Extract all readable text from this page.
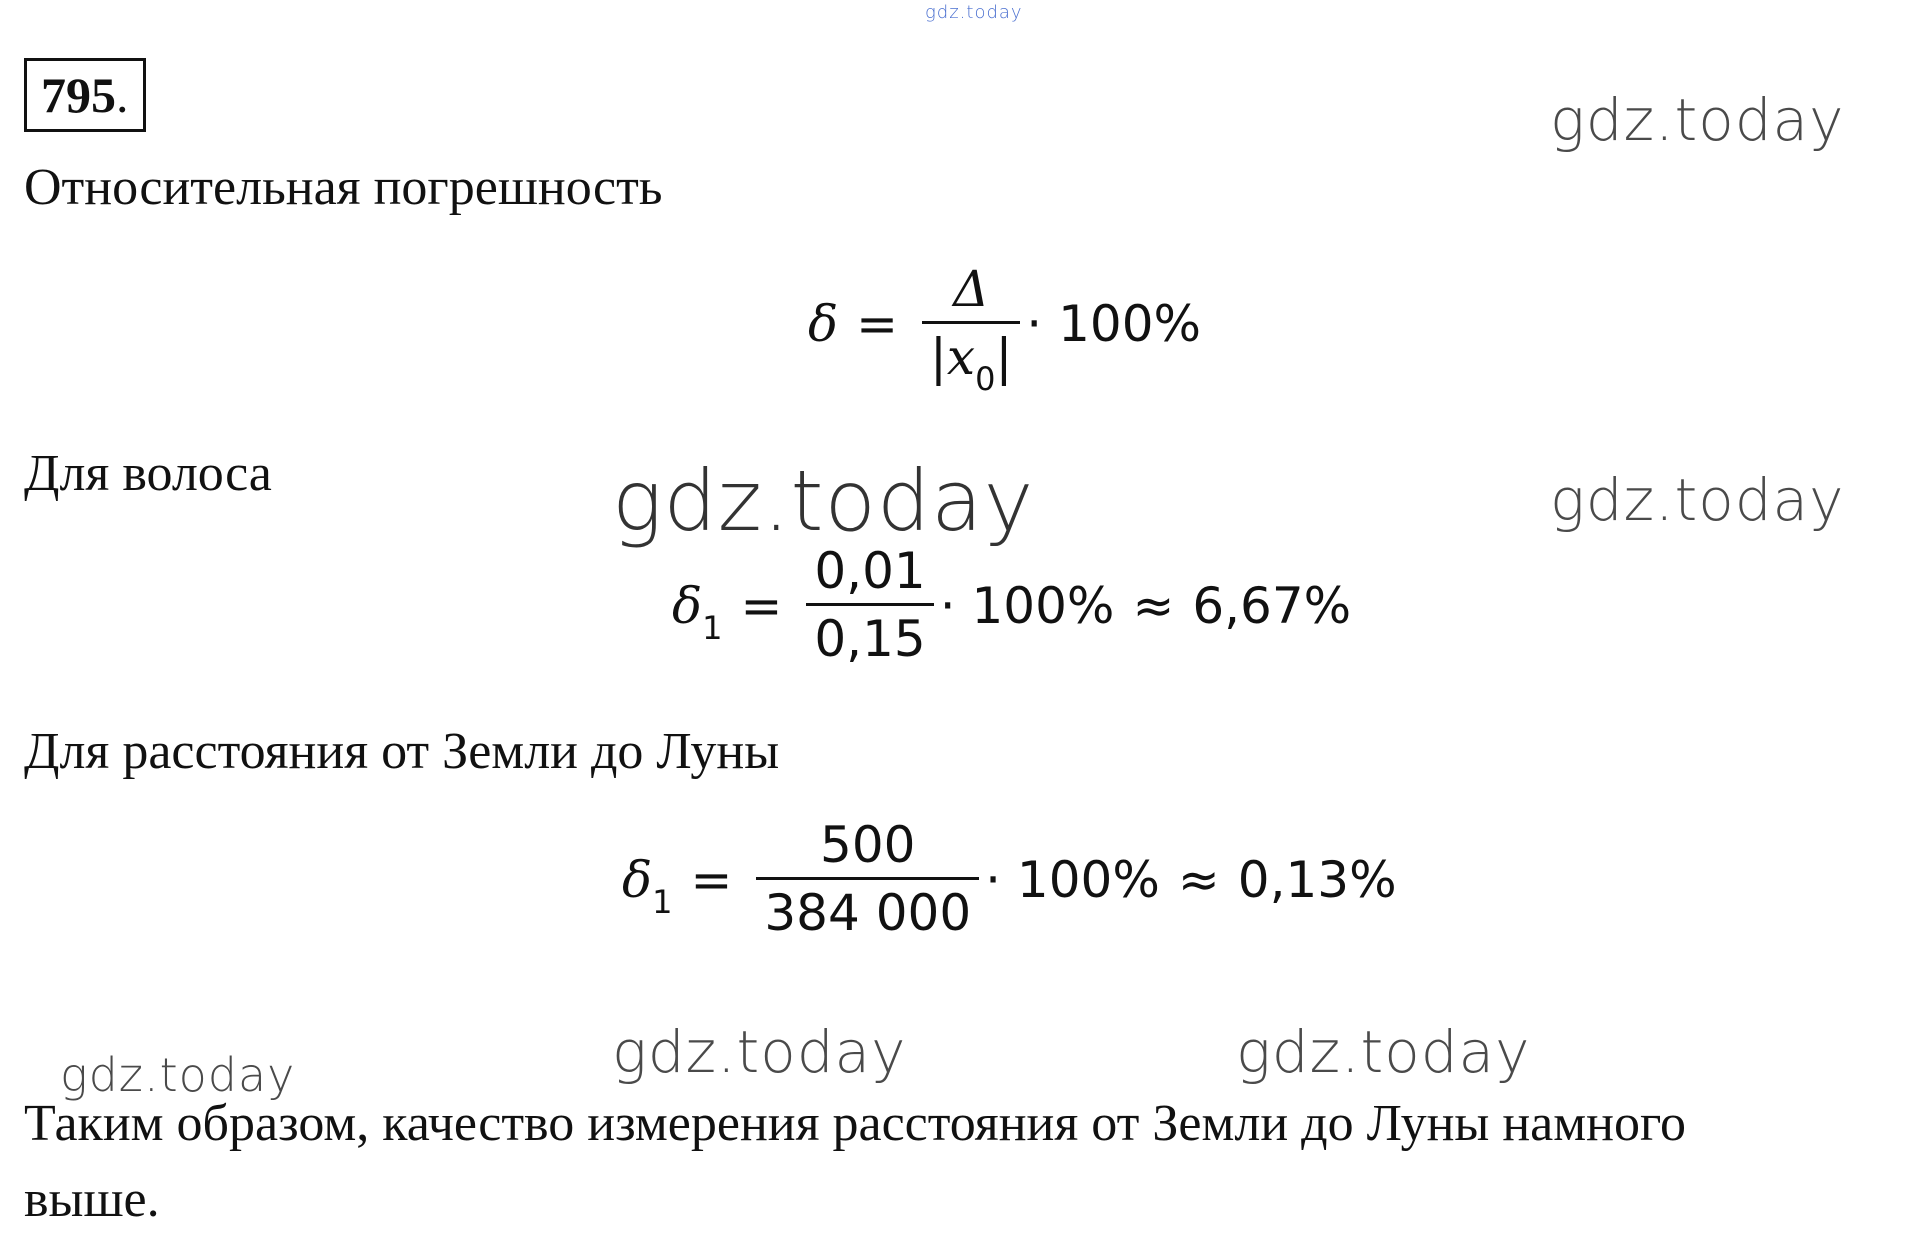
gdz.today
795 .	gdz.today
Относительная погрешность
$\delta = \frac{\Delta}{|x_0|} \cdot 100\%$
Для волоса	gdz.today	gdz.today
$\delta_1 = \frac{0,01}{0,15} \cdot 100\% \approx 6,67\%$
Для расстояния от Земли до Луны
$\delta_1 = \frac{500}{384 000} \cdot 100\% \approx 0,13\%$
gdz.today	gdz.today
gdz.today
Таким образом, качество измерения расстояния от Земли до Луны намного
выше.
